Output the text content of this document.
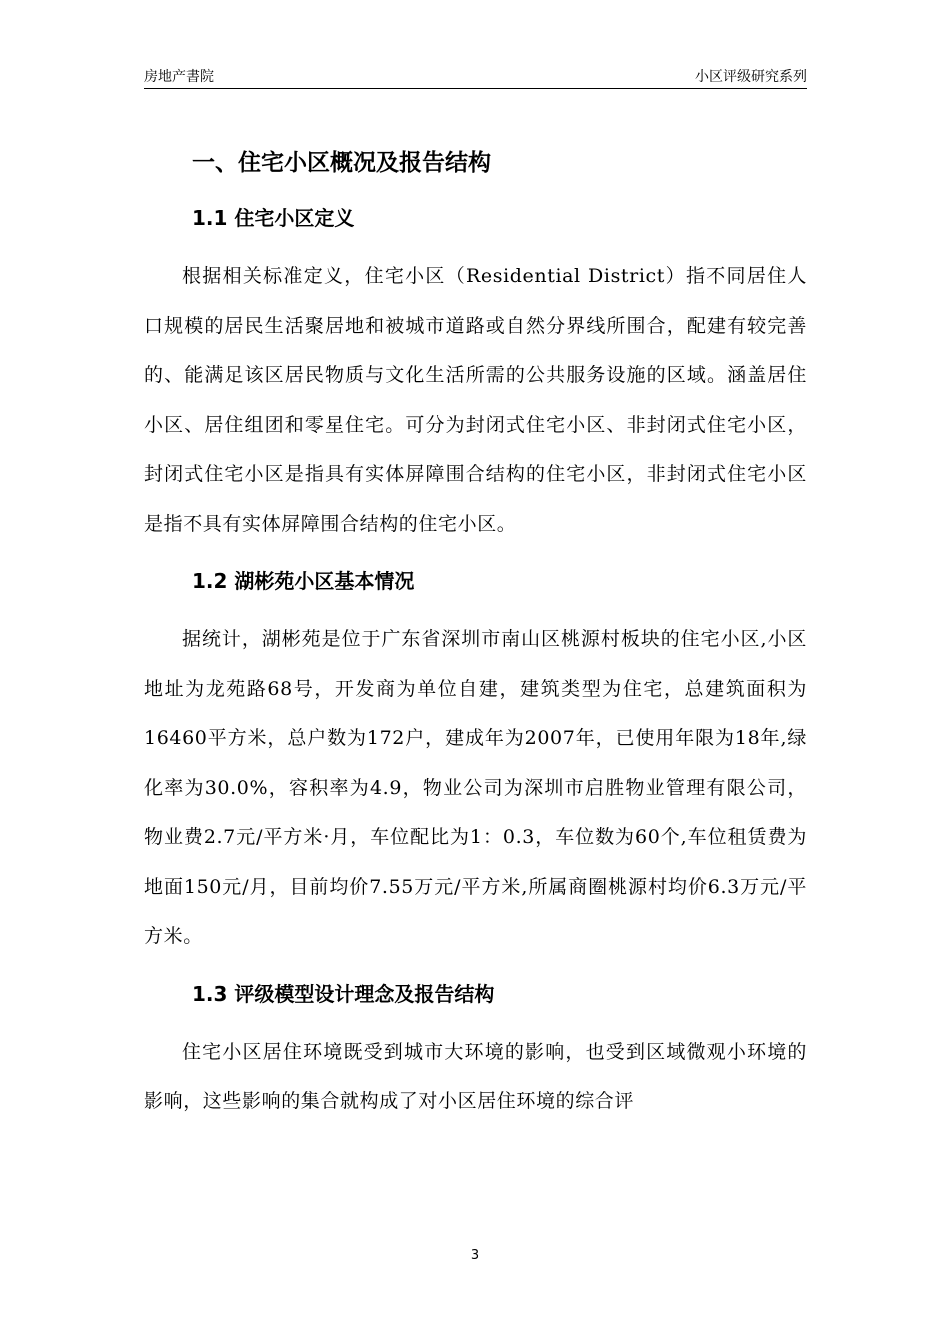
房地产書院	小区评级研究系列
一、住宅小区概况及报告结构
1.1 住宅小区定义

根据相关标准定义，住宅小区（Residential District）指不同居住人口规模的居民生活聚居地和被城市道路或自然分界线所围合，配建有较完善的、能满足该区居民物质与文化生活所需的公共服务设施的区域。涵盖居住小区、居住组团和零星住宅。可分为封闭式住宅小区、非封闭式住宅小区，封闭式住宅小区是指具有实体屏障围合结构的住宅小区，非封闭式住宅小区是指不具有实体屏障围合结构的住宅小区。

1.2 湖彬苑小区基本情况

据统计，湖彬苑是位于广东省深圳市南山区桃源村板块的住宅小区,小区地址为龙苑路68号，开发商为单位自建，建筑类型为住宅，总建筑面积为16460平方米，总户数为172户，建成年为2007年，已使用年限为18年,绿化率为30.0%，容积率为4.9，物业公司为深圳市启胜物业管理有限公司，物业费2.7元/平方米·月，车位配比为1：0.3，车位数为60个,车位租赁费为地面150元/月，目前均价7.55万元/平方米,所属商圈桃源村均价6.3万元/平方米。

1.3 评级模型设计理念及报告结构

住宅小区居住环境既受到城市大环境的影响，也受到区域微观小环境的影响，这些影响的集合就构成了对小区居住环境的综合评

3
